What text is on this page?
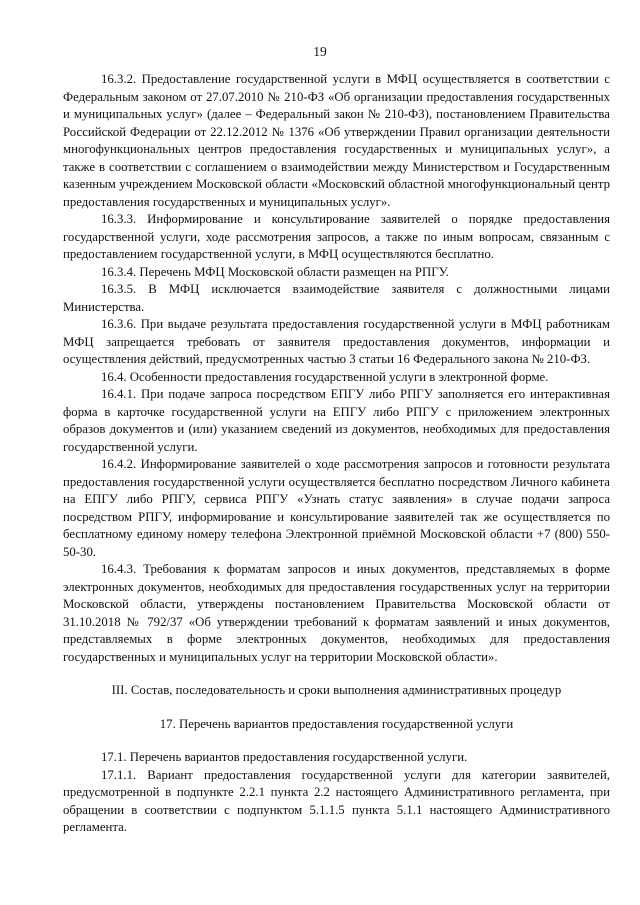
19

16.3.2. Предоставление государственной услуги в МФЦ осуществляется в соответствии с Федеральным законом от 27.07.2010 № 210-ФЗ «Об организации предоставления государственных и муниципальных услуг» (далее – Федеральный закон № 210-ФЗ), постановлением Правительства Российской Федерации от 22.12.2012 № 1376 «Об утверждении Правил организации деятельности многофункциональных центров предоставления государственных и муниципальных услуг», а также в соответствии с соглашением о взаимодействии между Министерством и Государственным казенным учреждением Московской области «Московский областной многофункциональный центр предоставления государственных и муниципальных услуг».

16.3.3. Информирование и консультирование заявителей о порядке предоставления государственной услуги, ходе рассмотрения запросов, а также по иным вопросам, связанным с предоставлением государственной услуги, в МФЦ осуществляются бесплатно.

16.3.4. Перечень МФЦ Московской области размещен на РПГУ.

16.3.5. В МФЦ исключается взаимодействие заявителя с должностными лицами Министерства.

16.3.6. При выдаче результата предоставления государственной услуги в МФЦ работникам МФЦ запрещается требовать от заявителя предоставления документов, информации и осуществления действий, предусмотренных частью 3 статьи 16 Федерального закона № 210-ФЗ.

16.4. Особенности предоставления государственной услуги в электронной форме.

16.4.1. При подаче запроса посредством ЕПГУ либо РПГУ заполняется его интерактивная форма в карточке государственной услуги на ЕПГУ либо РПГУ с приложением электронных образов документов и (или) указанием сведений из документов, необходимых для предоставления государственной услуги.

16.4.2. Информирование заявителей о ходе рассмотрения запросов и готовности результата предоставления государственной услуги осуществляется бесплатно посредством Личного кабинета на ЕПГУ либо РПГУ, сервиса РПГУ «Узнать статус заявления» в случае подачи запроса посредством РПГУ, информирование и консультирование заявителей так же осуществляется по бесплатному единому номеру телефона Электронной приёмной Московской области +7 (800) 550-50-30.

16.4.3. Требования к форматам запросов и иных документов, представляемых в форме электронных документов, необходимых для предоставления государственных услуг на территории Московской области, утверждены постановлением Правительства Московской области от 31.10.2018 № 792/37 «Об утверждении требований к форматам заявлений и иных документов, представляемых в форме электронных документов, необходимых для предоставления государственных и муниципальных услуг на территории Московской области».

III. Состав, последовательность и сроки выполнения административных процедур

17. Перечень вариантов предоставления государственной услуги

17.1. Перечень вариантов предоставления государственной услуги.

17.1.1. Вариант предоставления государственной услуги для категории заявителей, предусмотренной в подпункте 2.2.1 пункта 2.2 настоящего Административного регламента, при обращении в соответствии с подпунктом 5.1.1.5 пункта 5.1.1 настоящего Административного регламента.
